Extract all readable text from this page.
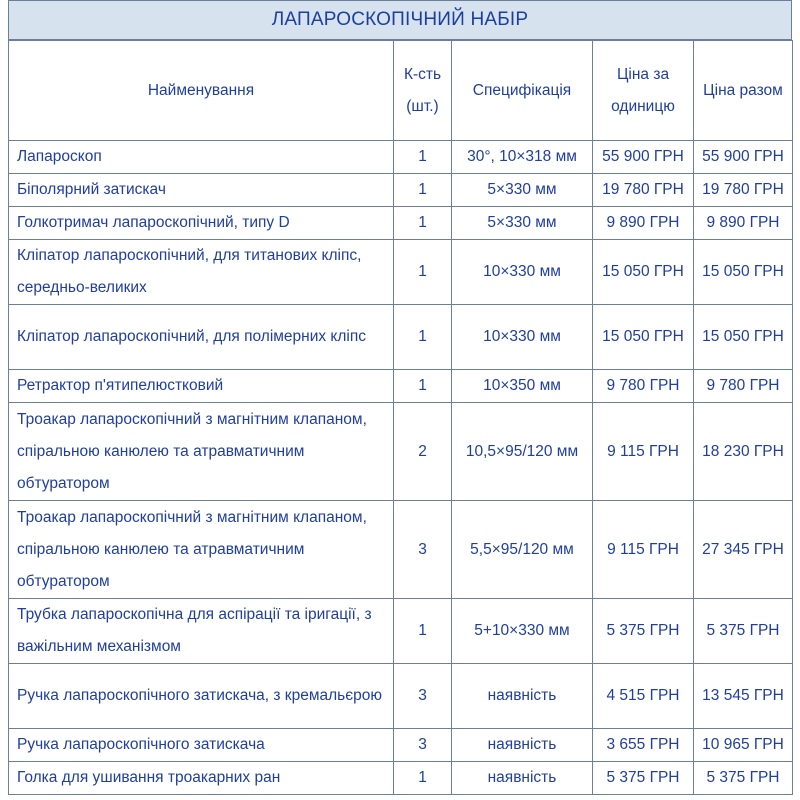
ЛАПАРОСКОПІЧНИЙ НАБІР
Найменування	К-сть (шт.)	Специфікація	Ціна за одиницю	Ціна разом
Лапароскоп	1	30°, 10×318 мм	55 900 ГРН	55 900 ГРН
Біполярний затискач	1	5×330 мм	19 780 ГРН	19 780 ГРН
Голкотримач лапароскопічний, типу D	1	5×330 мм	9 890 ГРН	9 890 ГРН
Кліпатор лапароскопічний, для титанових кліпс, середньо-великих	1	10×330 мм	15 050 ГРН	15 050 ГРН
Кліпатор лапароскопічний, для полімерних кліпс	1	10×330 мм	15 050 ГРН	15 050 ГРН
Ретрактор п'ятипелюстковий	1	10×350 мм	9 780 ГРН	9 780 ГРН
Троакар лапароскопічний з магнітним клапаном, спіральною канюлею та атравматичним обтуратором	2	10,5×95/120 мм	9 115 ГРН	18 230 ГРН
Троакар лапароскопічний з магнітним клапаном, спіральною канюлею та атравматичним обтуратором	3	5,5×95/120 мм	9 115 ГРН	27 345 ГРН
Трубка лапароскопічна для аспірації та іригації, з важільним механізмом	1	5+10×330 мм	5 375 ГРН	5 375 ГРН
Ручка лапароскопічного затискача, з кремальєрою	3	наявність	4 515 ГРН	13 545 ГРН
Ручка лапароскопічного затискача	3	наявність	3 655 ГРН	10 965 ГРН
Голка для ушивання троакарних ран	1	наявність	5 375 ГРН	5 375 ГРН
